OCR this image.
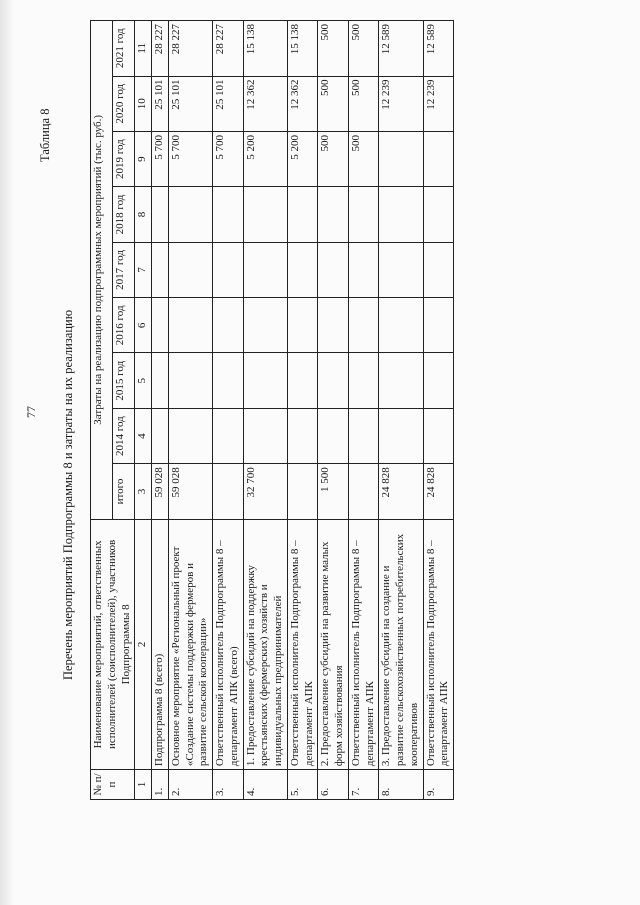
77
Таблица 8
Перечень мероприятий Подпрограммы 8 и затраты на их реализацию
№ п/п	Наименование мероприятий, ответственных исполнителей (соисполнителей), участников Подпрограммы 8	Затраты на реализацию подпрограммных мероприятий (тыс. руб.)								
		итого	2014 год	2015 год	2016 год	2017 год	2018 год	2019 год	2020 год	2021 год
1	2	3	4	5	6	7	8	9	10	11
1.	Подпрограмма 8 (всего)	59 028						5 700	25 101	28 227
2.	Основное мероприятие «Региональный проект «Создание системы поддержки фермеров и развитие сельской кооперации»	59 028						5 700	25 101	28 227
3.	Ответственный исполнитель Подпрограммы 8 – департамент АПК (всего)							5 700	25 101	28 227
4.	1. Предоставление субсидий на поддержку крестьянских (фермерских) хозяйств и индивидуальных предпринимателей	32 700						5 200	12 362	15 138
5.	Ответственный исполнитель Подпрограммы 8 – департамент АПК							5 200	12 362	15 138
6.	2. Предоставление субсидий на развитие малых форм хозяйствования	1 500						500	500	500
7.	Ответственный исполнитель Подпрограммы 8 – департамент АПК							500	500	500
8.	3. Предоставление субсидий на создание и развитие сельскохозяйственных потребительских кооперативов	24 828							12 239	12 589
9.	Ответственный исполнитель Подпрограммы 8 – департамент АПК	24 828							12 239	12 589
